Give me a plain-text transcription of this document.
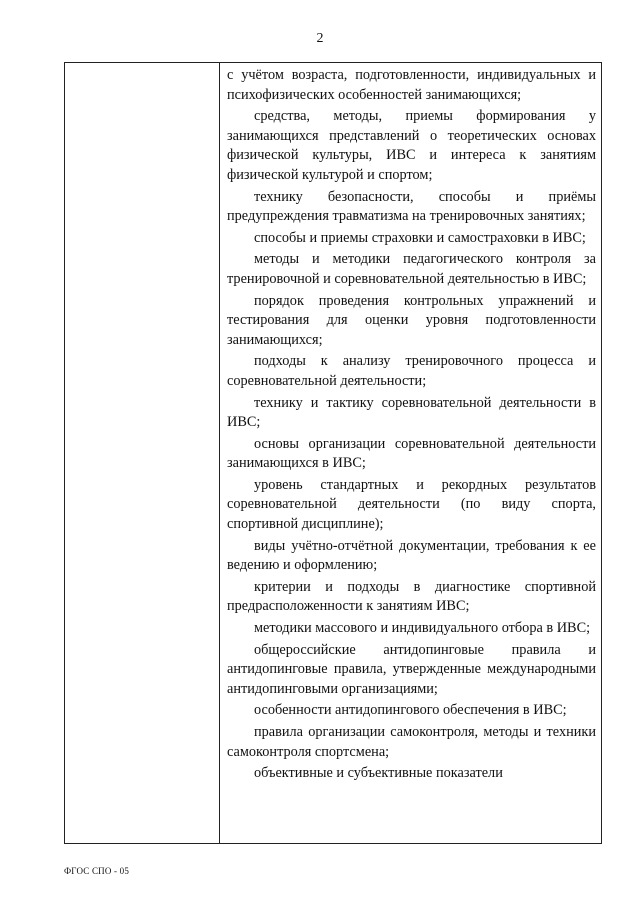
2

с учётом возраста, подготовленности, индивидуальных и психофизических особенностей занимающихся;

средства, методы, приемы формирования у занимающихся представлений о теоретических основах физической культуры, ИВС и интереса к занятиям физической культурой и спортом;

технику безопасности, способы и приёмы предупреждения травматизма на тренировочных занятиях;

способы и приемы страховки и самостраховки в ИВС;

методы и методики педагогического контроля за тренировочной и соревновательной деятельностью в ИВС;

порядок проведения контрольных упражнений и тестирования для оценки уровня подготовленности занимающихся;

подходы к анализу тренировочного процесса и соревновательной деятельности;

технику и тактику соревновательной деятельности в ИВС;

основы организации соревновательной деятельности занимающихся в ИВС;

уровень стандартных и рекордных результатов соревновательной деятельности (по виду спорта, спортивной дисциплине);

виды учётно-отчётной документации, требования к ее ведению и оформлению;

критерии и подходы в диагностике спортивной предрасположенности к занятиям ИВС;

методики массового и индивидуального отбора в ИВС;

общероссийские антидопинговые правила и антидопинговые правила, утвержденные международными антидопинговыми организациями;

особенности антидопингового обеспечения в ИВС;

правила организации самоконтроля, методы и техники самоконтроля спортсмена;

объективные и субъективные показатели

ФГОС СПО - 05
